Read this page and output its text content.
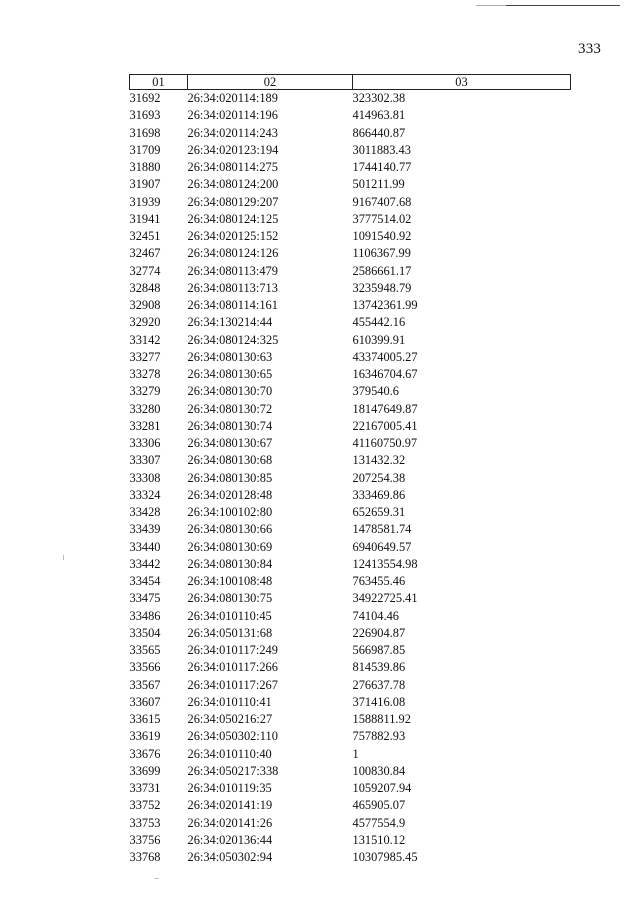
333
01	02	03
31692	26:34:020114:189	323302.38
31693	26:34:020114:196	414963.81
31698	26:34:020114:243	866440.87
31709	26:34:020123:194	3011883.43
31880	26:34:080114:275	1744140.77
31907	26:34:080124:200	501211.99
31939	26:34:080129:207	9167407.68
31941	26:34:080124:125	3777514.02
32451	26:34:020125:152	1091540.92
32467	26:34:080124:126	1106367.99
32774	26:34:080113:479	2586661.17
32848	26:34:080113:713	3235948.79
32908	26:34:080114:161	13742361.99
32920	26:34:130214:44	455442.16
33142	26:34:080124:325	610399.91
33277	26:34:080130:63	43374005.27
33278	26:34:080130:65	16346704.67
33279	26:34:080130:70	379540.6
33280	26:34:080130:72	18147649.87
33281	26:34:080130:74	22167005.41
33306	26:34:080130:67	41160750.97
33307	26:34:080130:68	131432.32
33308	26:34:080130:85	207254.38
33324	26:34:020128:48	333469.86
33428	26:34:100102:80	652659.31
33439	26:34:080130:66	1478581.74
33440	26:34:080130:69	6940649.57
33442	26:34:080130:84	12413554.98
33454	26:34:100108:48	763455.46
33475	26:34:080130:75	34922725.41
33486	26:34:010110:45	74104.46
33504	26:34:050131:68	226904.87
33565	26:34:010117:249	566987.85
33566	26:34:010117:266	814539.86
33567	26:34:010117:267	276637.78
33607	26:34:010110:41	371416.08
33615	26:34:050216:27	1588811.92
33619	26:34:050302:110	757882.93
33676	26:34:010110:40	1
33699	26:34:050217:338	100830.84
33731	26:34:010119:35	1059207.94
33752	26:34:020141:19	465905.07
33753	26:34:020141:26	4577554.9
33756	26:34:020136:44	131510.12
33768	26:34:050302:94	10307985.45
